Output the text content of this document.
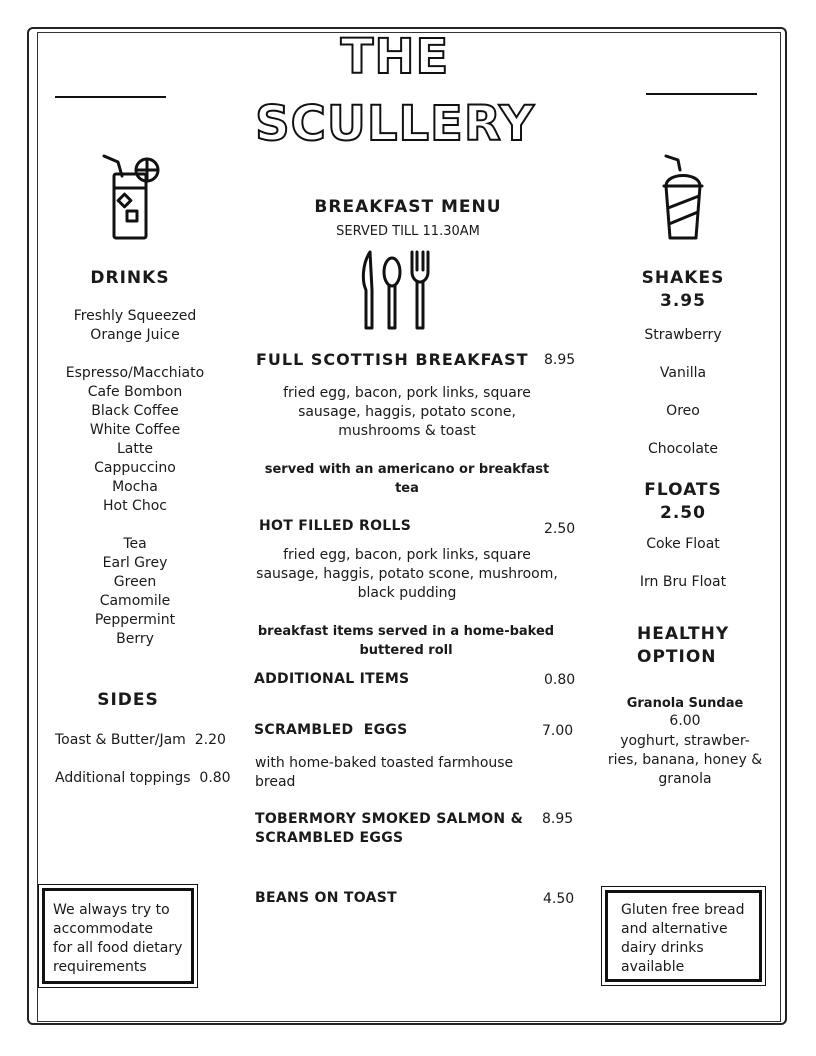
THE
SCULLERY
DRINKS
Freshly Squeezed
Orange Juice
Espresso/Macchiato
Cafe Bombon
Black Coffee
White Coffee
Latte
Cappuccino
Mocha
Hot Choc
Tea
Earl Grey
Green
Camomile
Peppermint
Berry
SIDES
Toast & Butter/Jam 2.20
Additional toppings 0.80
We always try to
accommodate
for all food dietary
requirements
BREAKFAST MENU
SERVED TILL 11.30AM
FULL SCOTTISH BREAKFAST 8.95
fried egg, bacon, pork links, square sausage, haggis, potato scone, mushrooms & toast
served with an americano or breakfast tea
HOT FILLED ROLLS	2.50
fried egg, bacon, pork links, square sausage, haggis, potato scone, mushroom, black pudding
breakfast items served in a home-baked buttered roll
ADDITIONAL ITEMS	0.80
SCRAMBLED  EGGS	7.00
with home-baked toasted farmhouse bread
TOBERMORY SMOKED SALMON &
SCRAMBLED EGGS
8.95
BEANS ON TOAST	4.50
SHAKES
3.95
Strawberry
Vanilla
Oreo
Chocolate
FLOATS
2.50
Coke Float
Irn Bru Float
HEALTHY
OPTION
Granola Sundae
6.00
yoghurt, strawber-
ries, banana, honey &
granola
Gluten free bread
and alternative
dairy drinks
available
